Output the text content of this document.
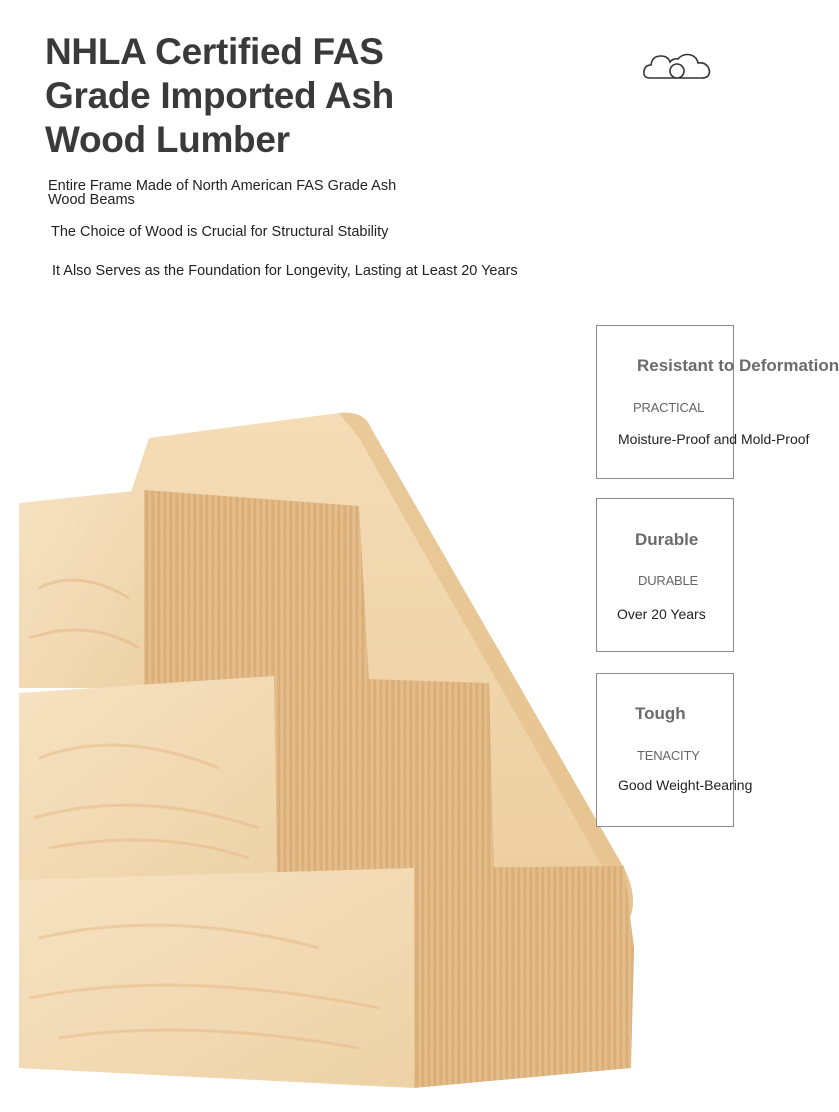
NHLA Certified FAS
Grade Imported Ash
Wood Lumber
Entire Frame Made of North American FAS Grade Ash Wood Beams
The Choice of Wood is Crucial for Structural Stability
It Also Serves as the Foundation for Longevity, Lasting at Least 20 Years
Resistant to Deformation
PRACTICAL
Moisture-Proof and Mold-Proof
Durable
DURABLE
Over 20 Years
Tough
TENACITY
Good Weight-Bearing
